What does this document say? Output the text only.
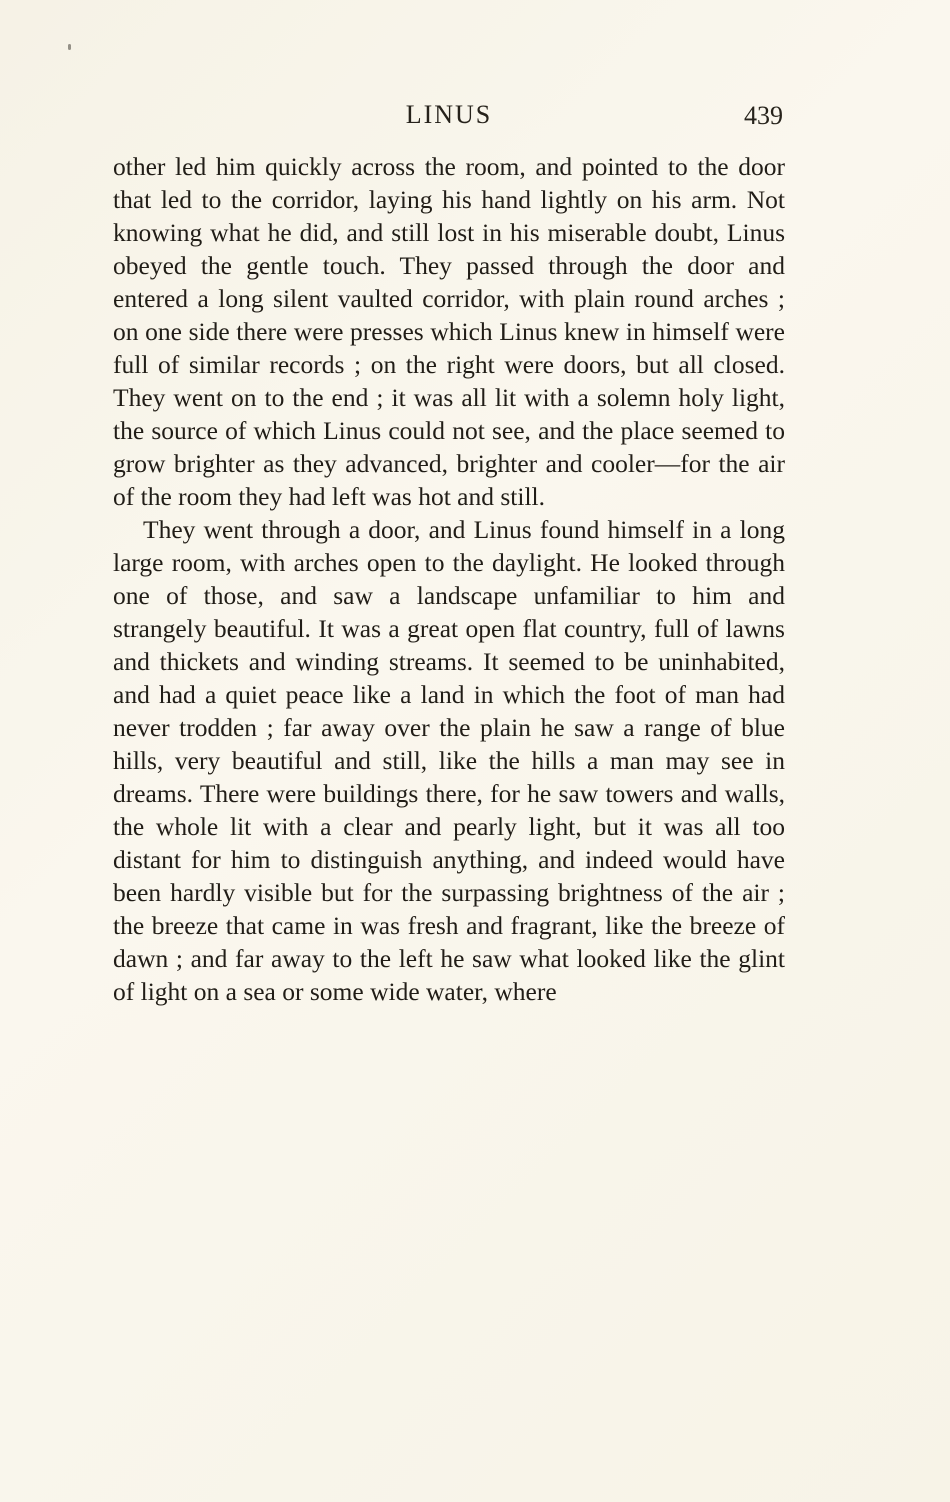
LINUS	439

other led him quickly across the room, and pointed to the door that led to the corridor, laying his hand lightly on his arm. Not knowing what he did, and still lost in his miserable doubt, Linus obeyed the gentle touch. They passed through the door and entered a long silent vaulted corridor, with plain round arches ; on one side there were presses which Linus knew in himself were full of similar records ; on the right were doors, but all closed. They went on to the end ; it was all lit with a solemn holy light, the source of which Linus could not see, and the place seemed to grow brighter as they advanced, brighter and cooler—for the air of the room they had left was hot and still.

They went through a door, and Linus found himself in a long large room, with arches open to the daylight. He looked through one of those, and saw a landscape unfamiliar to him and strangely beautiful. It was a great open flat country, full of lawns and thickets and winding streams. It seemed to be uninhabited, and had a quiet peace like a land in which the foot of man had never trodden ; far away over the plain he saw a range of blue hills, very beautiful and still, like the hills a man may see in dreams. There were buildings there, for he saw towers and walls, the whole lit with a clear and pearly light, but it was all too distant for him to distinguish anything, and indeed would have been hardly visible but for the surpassing brightness of the air ; the breeze that came in was fresh and fragrant, like the breeze of dawn ; and far away to the left he saw what looked like the glint of light on a sea or some wide water, where
